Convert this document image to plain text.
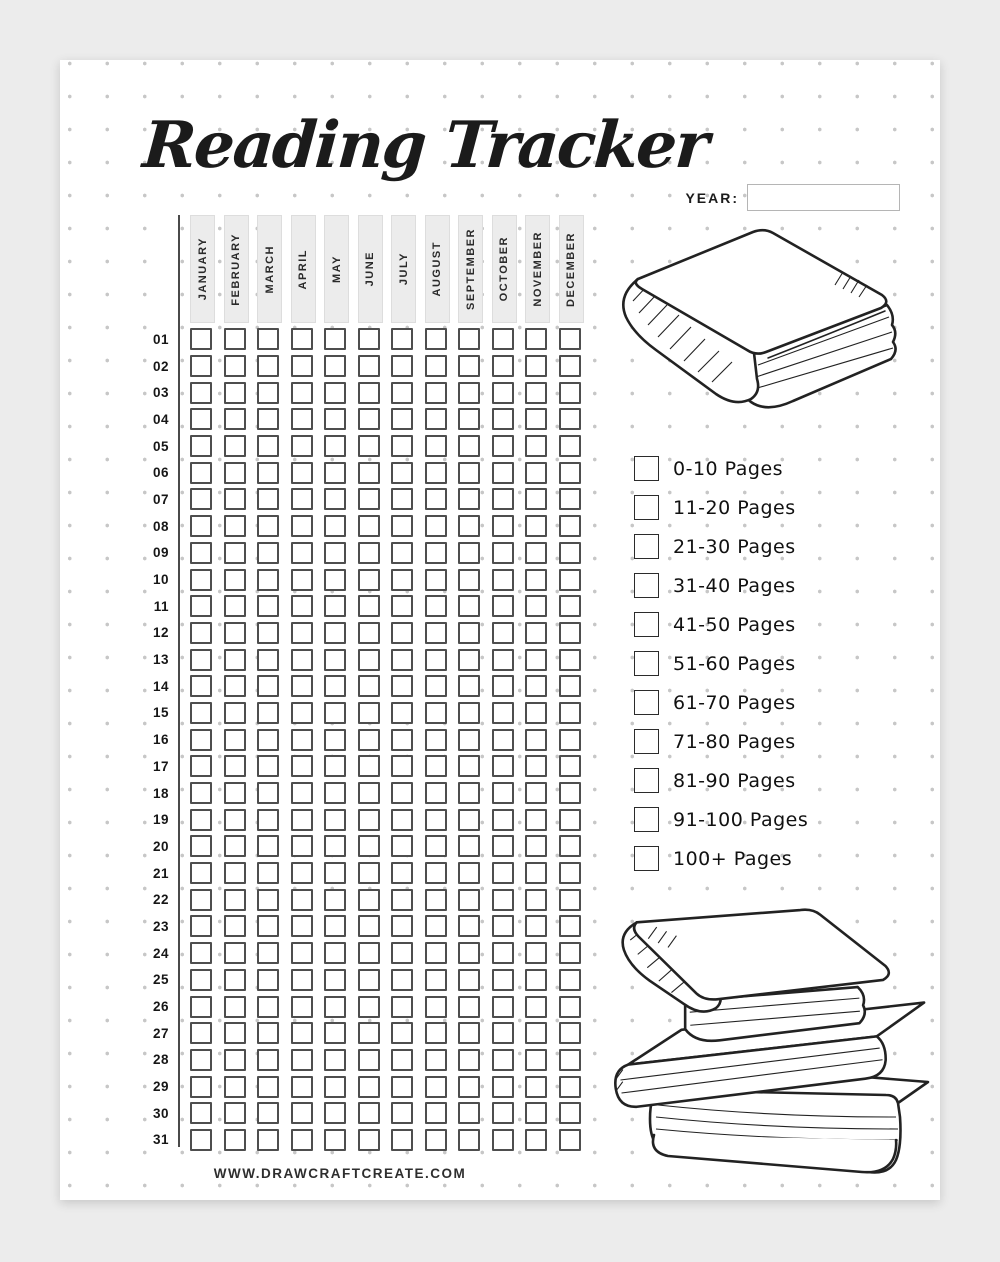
Reading Tracker
YEAR:
JANUARY FEBRUARY MARCH APRIL MAY JUNE JULY AUGUST SEPTEMBER OCTOBER NOVEMBER DECEMBER
01
02
03
04
05
06
07
08
09
10
11
12
13
14
15
16
17
18
19
20
21
22
23
24
25
26
27
28
29
30
31
0-10 Pages
11-20 Pages
21-30 Pages
31-40 Pages
41-50 Pages
51-60 Pages
61-70 Pages
71-80 Pages
81-90 Pages
91-100 Pages
100+ Pages
WWW.DRAWCRAFTCREATE.COM
